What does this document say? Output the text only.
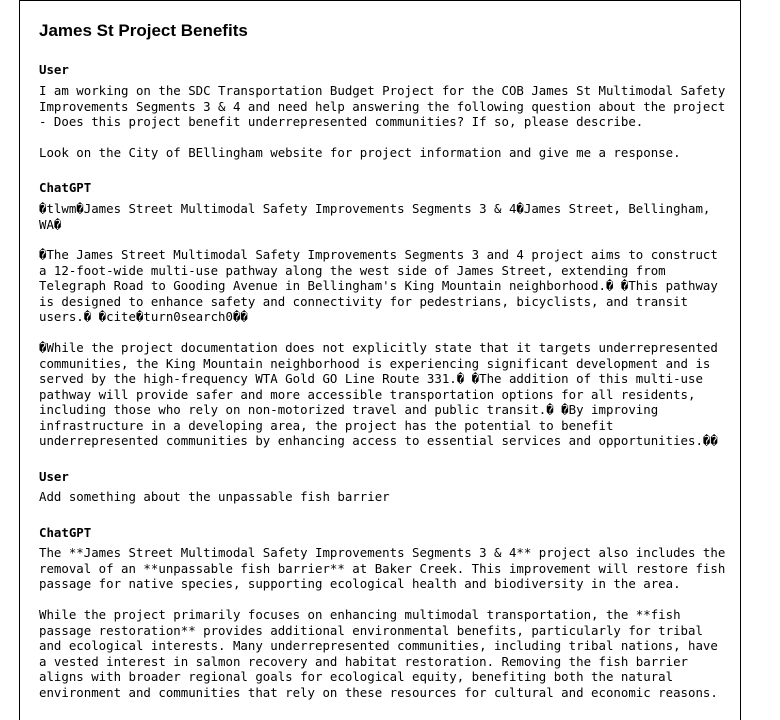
James St Project Benefits
User

I am working on the SDC Transportation Budget Project for the COB James St Multimodal Safety
Improvements Segments 3 & 4 and need help answering the following question about the project
- Does this project benefit underrepresented communities? If so, please describe.

Look on the City of BEllingham website for project information and give me a response.

ChatGPT

�tlwm�James Street Multimodal Safety Improvements Segments 3 & 4�James Street, Bellingham,
WA�

�The James Street Multimodal Safety Improvements Segments 3 and 4 project aims to construct
a 12-foot-wide multi-use pathway along the west side of James Street, extending from
Telegraph Road to Gooding Avenue in Bellingham's King Mountain neighborhood.� �This pathway
is designed to enhance safety and connectivity for pedestrians, bicyclists, and transit
users.� �cite�turn0search0��

�While the project documentation does not explicitly state that it targets underrepresented
communities, the King Mountain neighborhood is experiencing significant development and is
served by the high-frequency WTA Gold GO Line Route 331.� �The addition of this multi-use
pathway will provide safer and more accessible transportation options for all residents,
including those who rely on non-motorized travel and public transit.� �By improving
infrastructure in a developing area, the project has the potential to benefit
underrepresented communities by enhancing access to essential services and opportunities.��

User

Add something about the unpassable fish barrier

ChatGPT

The **James Street Multimodal Safety Improvements Segments 3 & 4** project also includes the
removal of an **unpassable fish barrier** at Baker Creek. This improvement will restore fish
passage for native species, supporting ecological health and biodiversity in the area.

While the project primarily focuses on enhancing multimodal transportation, the **fish
passage restoration** provides additional environmental benefits, particularly for tribal
and ecological interests. Many underrepresented communities, including tribal nations, have
a vested interest in salmon recovery and habitat restoration. Removing the fish barrier
aligns with broader regional goals for ecological equity, benefiting both the natural
environment and communities that rely on these resources for cultural and economic reasons.
